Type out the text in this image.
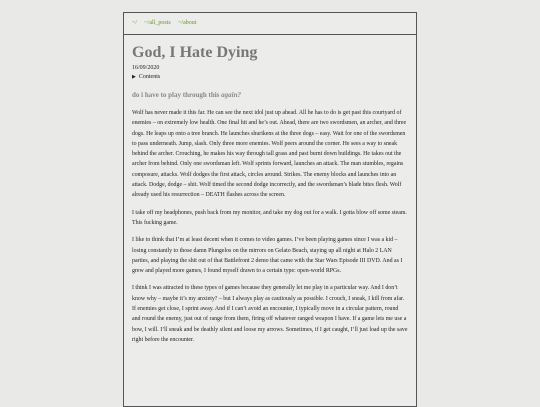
~/ ~/all_posts ~/about
God, I Hate Dying
16/09/2020
▶ Contents
do i have to play through this again?

Wolf has never made it this far. He can see the next idol just up ahead. All he has to do is get past this courtyard of enemies – on extremely low health. One final hit and he’s out. Ahead, there are two swordsmen, an archer, and three dogs. He leaps up onto a tree branch. He launches shurikens at the three dogs – easy. Wait for one of the swordsmen to pass underneath. Jump, slash. Only three more enemies. Wolf peers around the corner. He sees a way to sneak behind the archer. Crouching, he makes his way through tall grass and past burnt down buildings. He takes out the archer from behind. Only one swordsman left. Wolf sprints forward, launches an attack. The man stumbles, regains composure, attacks. Wolf dodges the first attack, circles around. Strikes. The enemy blocks and launches into an attack. Dodge, dodge – shit. Wolf timed the second dodge incorrectly, and the swordsman’s blade bites flesh. Wolf already used his resurrection – DEATH flashes across the screen.

I take off my headphones, push back from my monitor, and take my dog out for a walk. I gotta blow off some steam. This fucking game.

I like to think that I’m at least decent when it comes to video games. I’ve been playing games since I was a kid – losing constantly to those damn Plungelos on the mirrors on Gelato Beach, staying up all night at Halo 2 LAN parties, and playing the shit out of that Battlefront 2 demo that came with the Star Wars Episode III DVD. And as I grew and played more games, I found myself drawn to a certain type: open-world RPGs.

I think I was attracted to these types of games because they generally let me play in a particular way. And I don’t know why – maybe it’s my anxiety? – but I always play as cautiously as possible. I crouch, I sneak, I kill from afar. If enemies get close, I sprint away. And if I can’t avoid an encounter, I typically move in a circular pattern, round and round the enemy, just out of range from them, firing off whatever ranged weapon I have. If a game lets me use a bow, I will. I’ll sneak and be deathly silent and loose my arrows. Sometimes, if I get caught, I’ll just load up the save right before the encounter.
